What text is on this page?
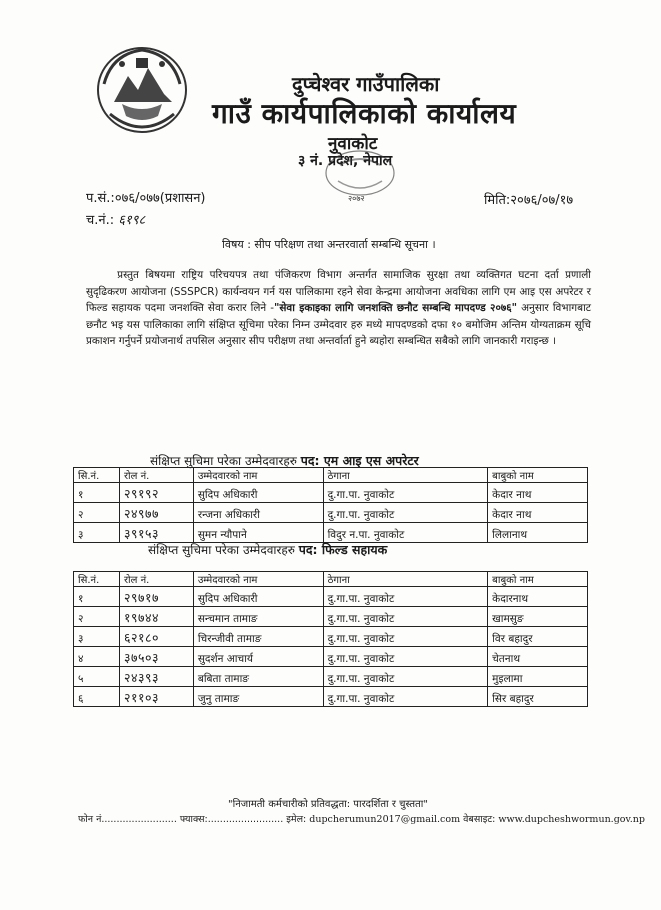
दुप्चेश्वर गाउँपालिका
गाउँ कार्यपालिकाको कार्यालय
नुवाकोट
३ नं. प्रदेश, नेपाल
२०७२
प.सं.:०७६/०७७(प्रशासन)
च.नं.: ६१९८
मिति:२०७६/०७/१७
विषय : सीप परिक्षण तथा अन्तरवार्ता सम्बन्धि सूचना ।
   प्रस्तुत बिषयमा राष्ट्रिय परिचयपत्र तथा पंजिकरण विभाग अन्तर्गत सामाजिक सुरक्षा तथा व्यक्तिगत घटना दर्ता प्रणाली सुदृढिकरण आयोजना (SSSPCR) कार्यन्वयन गर्न यस पालिकामा रहने सेवा केन्द्रमा आयोजना अवधिका लागि एम आइ एस अपरेटर र फिल्ड सहायक पदमा जनशक्ति सेवा करार लिने -"सेवा इकाइका लागि जनशक्ति छनौट सम्बन्धि मापदण्ड २०७६" अनुसार विभागबाट छनौट भइ यस पालिकाका लागि संक्षिप्त सूचिमा परेका निम्न उम्मेदवार हरु मध्ये मापदण्डको दफा १० बमोजिम अन्तिम योग्यताक्रम सूचि प्रकाशन गर्नुपर्ने प्रयोजनार्थ तपसिल अनुसार सीप परीक्षण तथा अन्तर्वार्ता हुने ब्यहोरा सम्बन्धित सबैको लागि जानकारी गराइन्छ ।
संक्षिप्त सुचिमा परेका उम्मेदवारहरु पद: एम आइ एस अपरेटर
सि.नं.	रोल नं.	उम्मेदवारको नाम	ठेगाना	बाबुको नाम
१	२९१९२	सुदिप अधिकारी	दु.गा.पा. नुवाकोट	केदार नाथ
२	२४९७७	रन्जना अधिकारी	दु.गा.पा. नुवाकोट	केदार नाथ
३	३९१५३	सुमन न्यौपाने	विदुर न.पा. नुवाकोट	लिलानाथ
संक्षिप्त सुचिमा परेका उम्मेदवारहरु पद: फिल्ड सहायक
सि.नं.	रोल नं.	उम्मेदवारको नाम	ठेगाना	बाबुको नाम
१	२९७१७	सुदिप अधिकारी	दु.गा.पा. नुवाकोट	केदारनाथ
२	१९७४४	सन्चमान तामाङ	दु.गा.पा. नुवाकोट	खामसुङ
३	६२१८०	चिरन्जीवी तामाङ	दु.गा.पा. नुवाकोट	विर बहादुर
४	३७५०३	सुदर्शन आचार्य	दु.गा.पा. नुवाकोट	चेतनाथ
५	२४३९३	बबिता तामाङ	दु.गा.पा. नुवाकोट	मुइलामा
६	२११०३	जुनु तामाङ	दु.गा.पा. नुवाकोट	सिर बहादुर
"निजामती कर्मचारीको प्रतिवद्धता: पारदर्शिता र चुस्तता"
फोन नं......................... फ्याक्स:......................... इमेल: dupcherumun2017@gmail.com वेबसाइट: www.dupcheshwormun.gov.np
